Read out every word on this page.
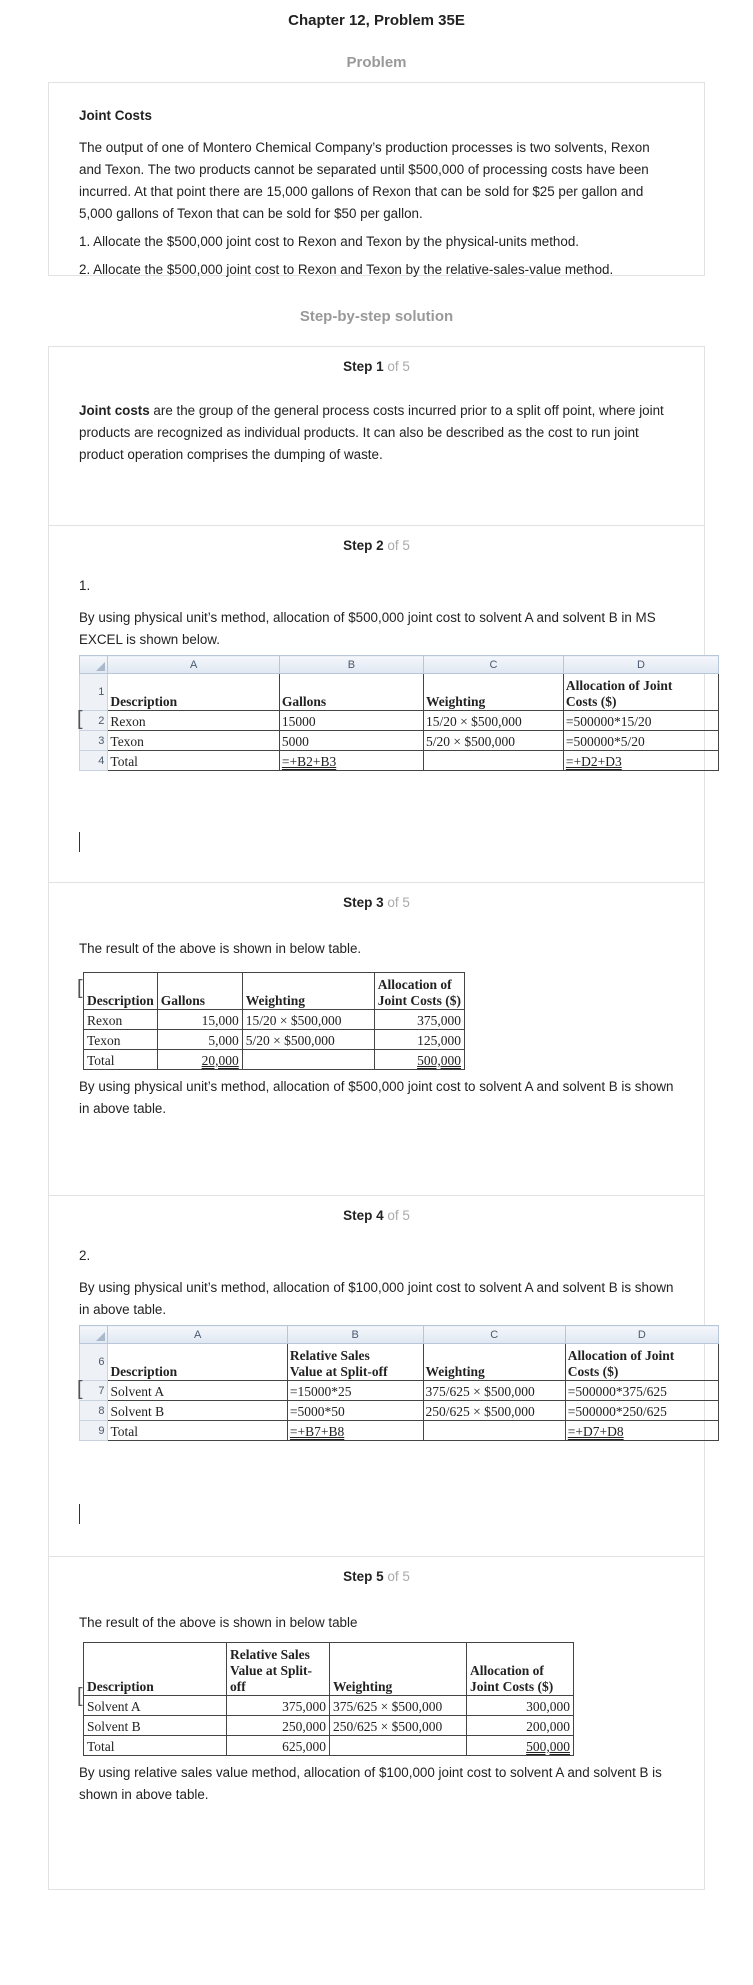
Chapter 12, Problem 35E
Problem

Joint Costs

The output of one of Montero Chemical Company’s production processes is two solvents, Rexon and Texon. The two products cannot be separated until $500,000 of processing costs have been incurred. At that point there are 15,000 gallons of Rexon that can be sold for $25 per gallon and 5,000 gallons of Texon that can be sold for $50 per gallon.

1. Allocate the $500,000 joint cost to Rexon and Texon by the physical-units method.

2. Allocate the $500,000 joint cost to Rexon and Texon by the relative-sales-value method.

Step-by-step solution
Step 1 of 5

Joint costs are the group of the general process costs incurred prior to a split off point, where joint products are recognized as individual products. It can also be described as the cost to run joint product operation comprises the dumping of waste.

Step 2 of 5

1.

By using physical unit’s method, allocation of $500,000 joint cost to solvent A and solvent B in MS EXCEL is shown below.

[
	A	B	C	D
1	Description	Gallons	Weighting	Allocation of Joint
Costs ($)
2	Rexon	15000	15/20 × $500,000	=500000*15/20
3	Texon	5000	5/20 × $500,000	=500000*5/20
4	Total	=+B2+B3		=+D2+D3
Step 3 of 5

The result of the above is shown in below table.

[
Description	Gallons	Weighting	Allocation of
Joint Costs ($)
Rexon	15,000	15/20 × $500,000	375,000
Texon	5,000	5/20 × $500,000	125,000
Total	20,000		500,000

By using physical unit’s method, allocation of $500,000 joint cost to solvent A and solvent B is shown in above table.

Step 4 of 5

2.

By using physical unit’s method, allocation of $100,000 joint cost to solvent A and solvent B is shown in above table.

[
	A	B	C	D
6	Description	Relative Sales
Value at Split-off	Weighting	Allocation of Joint
Costs ($)
7	Solvent A	=15000*25	375/625 × $500,000	=500000*375/625
8	Solvent B	=5000*50	250/625 × $500,000	=500000*250/625
9	Total	=+B7+B8		=+D7+D8
Step 5 of 5

The result of the above is shown in below table

[ Description	Relative Sales
Value at Split-
off	Weighting	Allocation of
Joint Costs ($)
Solvent A	375,000	375/625 × $500,000	300,000
Solvent B	250,000	250/625 × $500,000	200,000
Total	625,000		500,000

By using relative sales value method, allocation of $100,000 joint cost to solvent A and solvent B is shown in above table.
